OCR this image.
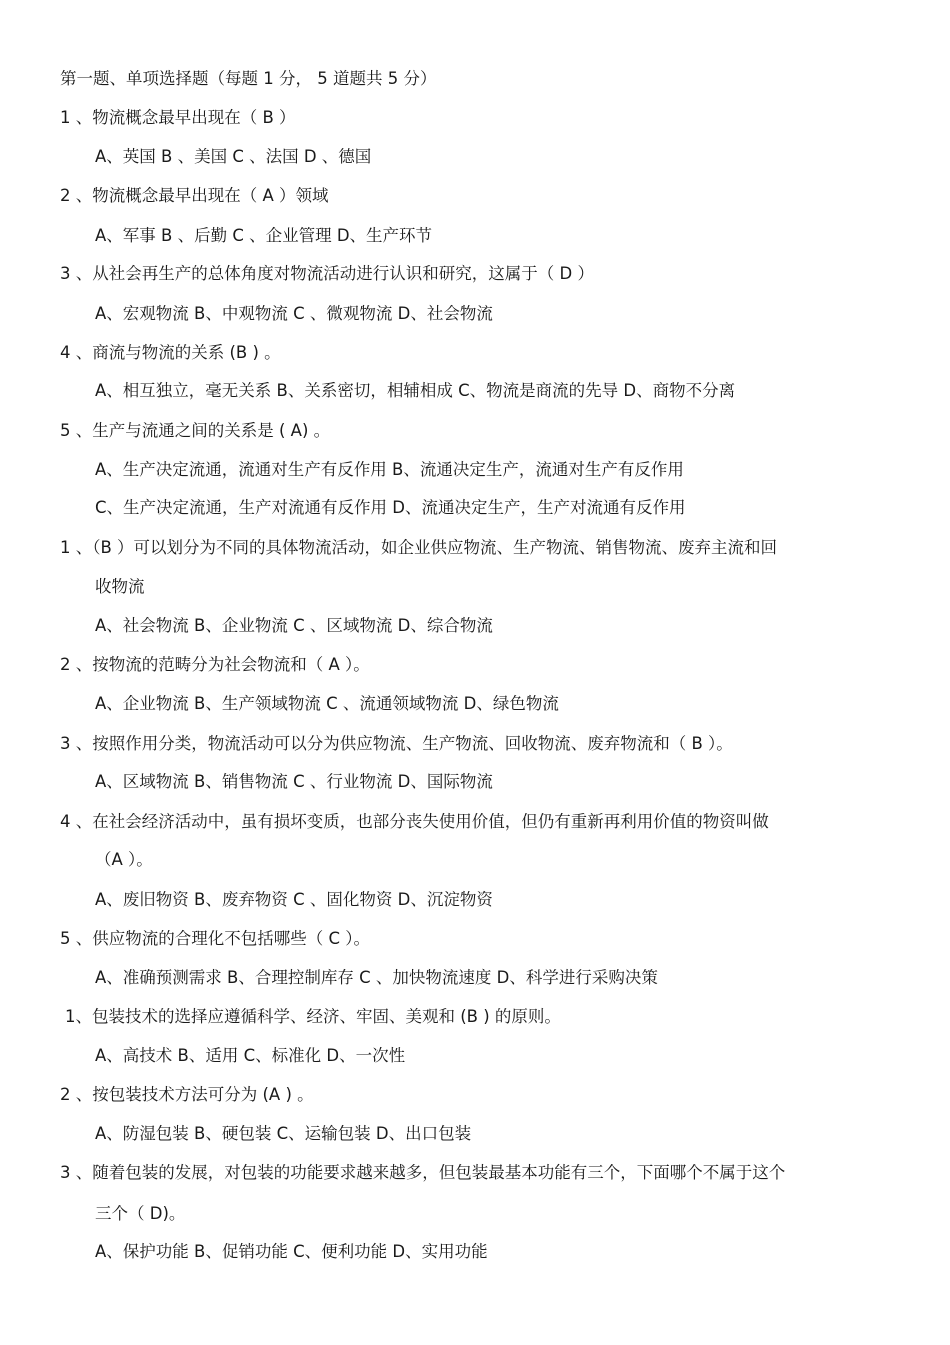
第一题、单项选择题（每题 1 分， 5 道题共 5 分）
1 、物流概念最早出现在（ B ）
A、英国 B 、美国 C 、法国 D 、德国
2 、物流概念最早出现在（ A ）领域
A、军事 B 、后勤 C 、企业管理 D、生产环节
3 、从社会再生产的总体角度对物流活动进行认识和研究，这属于（ D ）
A、宏观物流 B、中观物流 C 、微观物流 D、社会物流
4 、商流与物流的关系 (B ) 。
A、相互独立，毫无关系 B、关系密切，相辅相成 C、物流是商流的先导 D、商物不分离
5 、生产与流通之间的关系是 ( A) 。
A、生产决定流通，流通对生产有反作用 B、流通决定生产，流通对生产有反作用
C、生产决定流通，生产对流通有反作用 D、流通决定生产，生产对流通有反作用
1 、（B ）可以划分为不同的具体物流活动，如企业供应物流、生产物流、销售物流、废弃主流和回
收物流
A、社会物流 B、企业物流 C 、区域物流 D、综合物流
2 、按物流的范畴分为社会物流和（ A ）。
A、企业物流 B、生产领域物流 C 、流通领域物流 D、绿色物流
3 、按照作用分类，物流活动可以分为供应物流、生产物流、回收物流、废弃物流和（ B ）。
A、区域物流 B、销售物流 C 、行业物流 D、国际物流
4 、在社会经济活动中，虽有损坏变质，也部分丧失使用价值，但仍有重新再利用价值的物资叫做
（A ）。
A、废旧物资 B、废弃物资 C 、固化物资 D、沉淀物资
5 、供应物流的合理化不包括哪些（ C ）。
A、准确预测需求 B、合理控制库存 C 、加快物流速度 D、科学进行采购决策
1、包装技术的选择应遵循科学、经济、牢固、美观和 (B ) 的原则。
A、高技术 B、适用 C、标准化 D、一次性
2 、按包装技术方法可分为 (A ) 。
A、防湿包装 B、硬包装 C、运输包装 D、出口包装
3 、随着包装的发展，对包装的功能要求越来越多，但包装最基本功能有三个，下面哪个不属于这个
三个（ D)。
A、保护功能 B、促销功能 C、便利功能 D、实用功能
